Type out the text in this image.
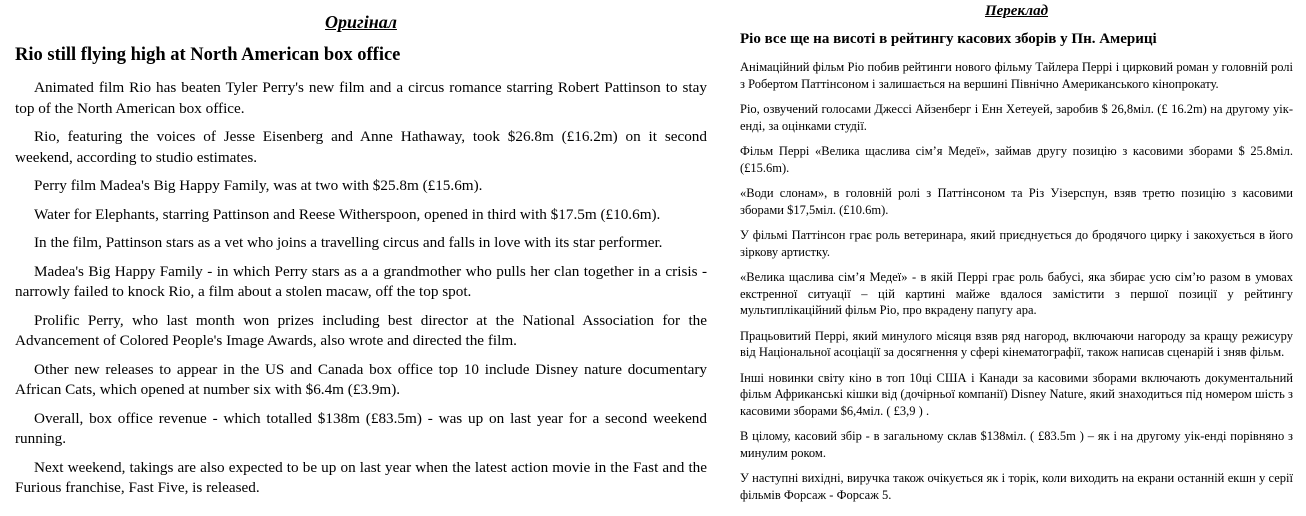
Оригінал
Rio still flying high at North American box office

Animated film Rio has beaten Tyler Perry's new film and a circus romance starring Robert Pattinson to stay top of the North American box office.

Rio, featuring the voices of Jesse Eisenberg and Anne Hathaway, took $26.8m (£16.2m) on it second weekend, according to studio estimates.

Perry film Madea's Big Happy Family, was at two with $25.8m (£15.6m).

Water for Elephants, starring Pattinson and Reese Witherspoon, opened in third with $17.5m (£10.6m).

In the film, Pattinson stars as a vet who joins a travelling circus and falls in love with its star performer.

Madea's Big Happy Family - in which Perry stars as a a grandmother who pulls her clan together in a crisis - narrowly failed to knock Rio, a film about a stolen macaw, off the top spot.

Prolific Perry, who last month won prizes including best director at the National Association for the Advancement of Colored People's Image Awards, also wrote and directed the film.

Other new releases to appear in the US and Canada box office top 10 include Disney nature documentary African Cats, which opened at number six with $6.4m (£3.9m).

Overall, box office revenue - which totalled $138m (£83.5m) - was up on last year for a second weekend running.

Next weekend, takings are also expected to be up on last year when the latest action movie in the Fast and the Furious franchise, Fast Five, is released.

Переклад
Ріо все ще на висоті в рейтингу касових зборів у Пн. Америці

Анімаційний фільм Ріо побив рейтинги нового фільму Тайлера Перрі і цирковий роман у головній ролі з Робертом Паттінсоном і залишається на вершині Північно Американського кінопрокату.

Ріо, озвучений голосами Джессі Айзенберг і Енн Хетеуей, заробив $ 26,8мiл. (£ 16.2m) на другому уік-енді, за оцінками студії.

Фільм Перрі «Велика щаслива сім’я Медеї», займав другу позицію з касовими зборами $ 25.8мiл. (£15.6m).

«Води слонам», в головній ролі з Паттінсоном та Різ Уізерспун, взяв третю позицію з касовими зборами $17,5мiл. (£10.6m).

У фільмі Паттінсон грає роль ветеринара, який приєднується до бродячого цирку і закохується в його зіркову артистку.

«Велика щаслива сім’я Медеї» - в якій Перрі грає роль бабусі, яка збирає усю сім’ю разом в умовах екстренної ситуації – цій картині майже вдалося замістити з першої позиції у рейтингу мультиплікаційний фільм Ріо, про вкрадену папугу ара.

Працьовитий Перрі, який минулого місяця взяв ряд нагород, включаючи нагороду за кращу режисуру від Національної асоціації за досягнення у сфері кінематографії, також написав сценарій і зняв фільм.

Інші новинки світу кіно в топ 10ці США і Канади за касовими зборами включають документальний фільм Африканські кішки від (дочірньої компанії) Disney Nature, який знаходиться під номером шість з касовими зборами $6,4мiл. ( £3,9 ) .

В цілому, касовий збір - в загальному склав $138мiл. ( £83.5m ) – як і на другому уік-енді порівняно з минулим роком.

У наступні вихідні, виручка також очікується як і торік, коли виходить на екрани останній екшн у серії фільмів Форсаж - Форсаж 5.
